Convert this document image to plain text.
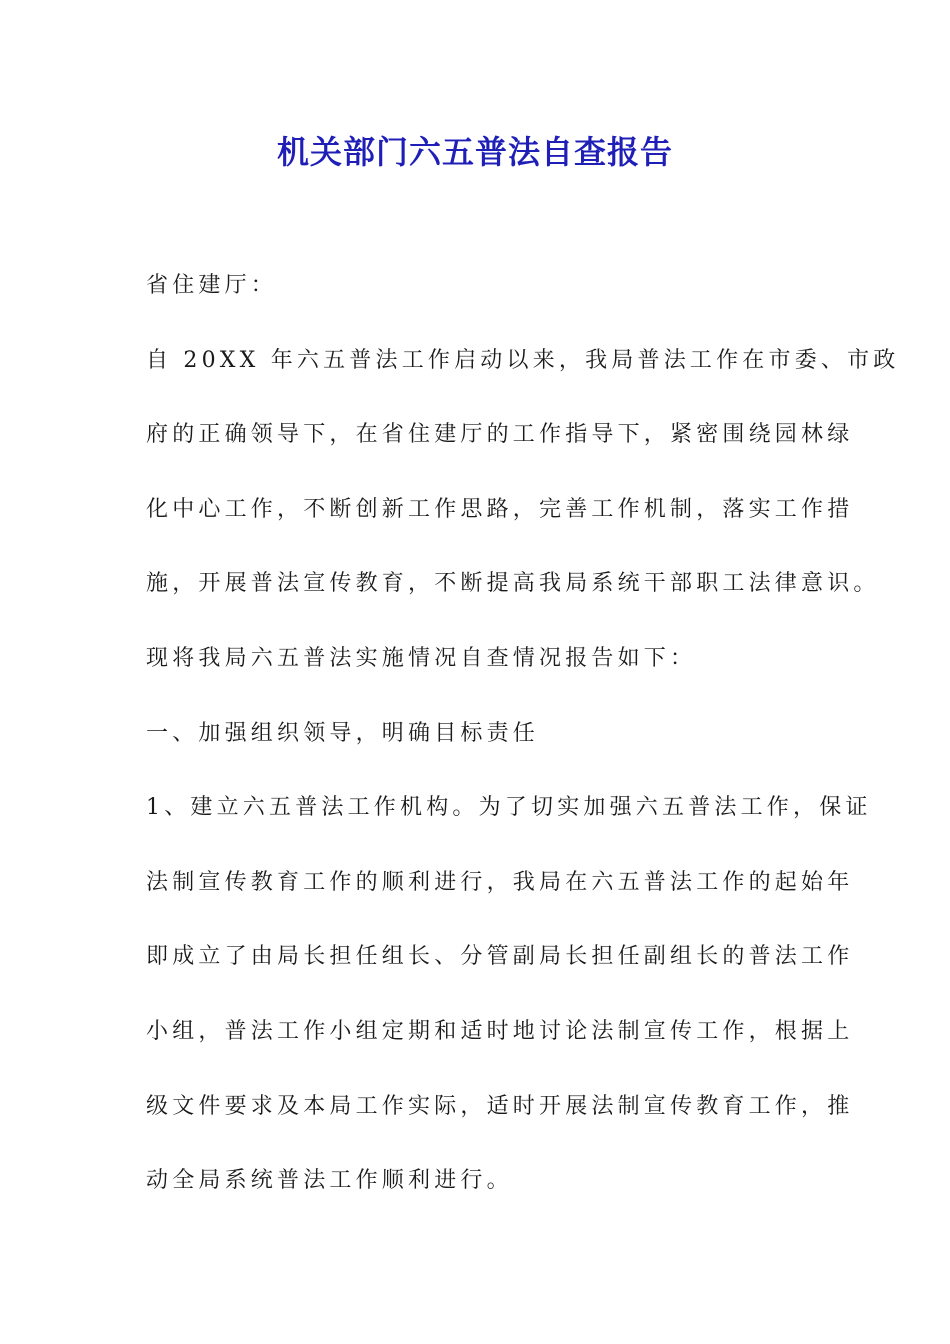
机关部门六五普法自查报告
省住建厅：
自 20XX 年六五普法工作启动以来，我局普法工作在市委、市政
府的正确领导下，在省住建厅的工作指导下，紧密围绕园林绿
化中心工作，不断创新工作思路，完善工作机制，落实工作措
施，开展普法宣传教育，不断提高我局系统干部职工法律意识。
现将我局六五普法实施情况自查情况报告如下：
一、加强组织领导，明确目标责任
1、建立六五普法工作机构。为了切实加强六五普法工作，保证
法制宣传教育工作的顺利进行，我局在六五普法工作的起始年
即成立了由局长担任组长、分管副局长担任副组长的普法工作
小组，普法工作小组定期和适时地讨论法制宣传工作，根据上
级文件要求及本局工作实际，适时开展法制宣传教育工作，推
动全局系统普法工作顺利进行。
